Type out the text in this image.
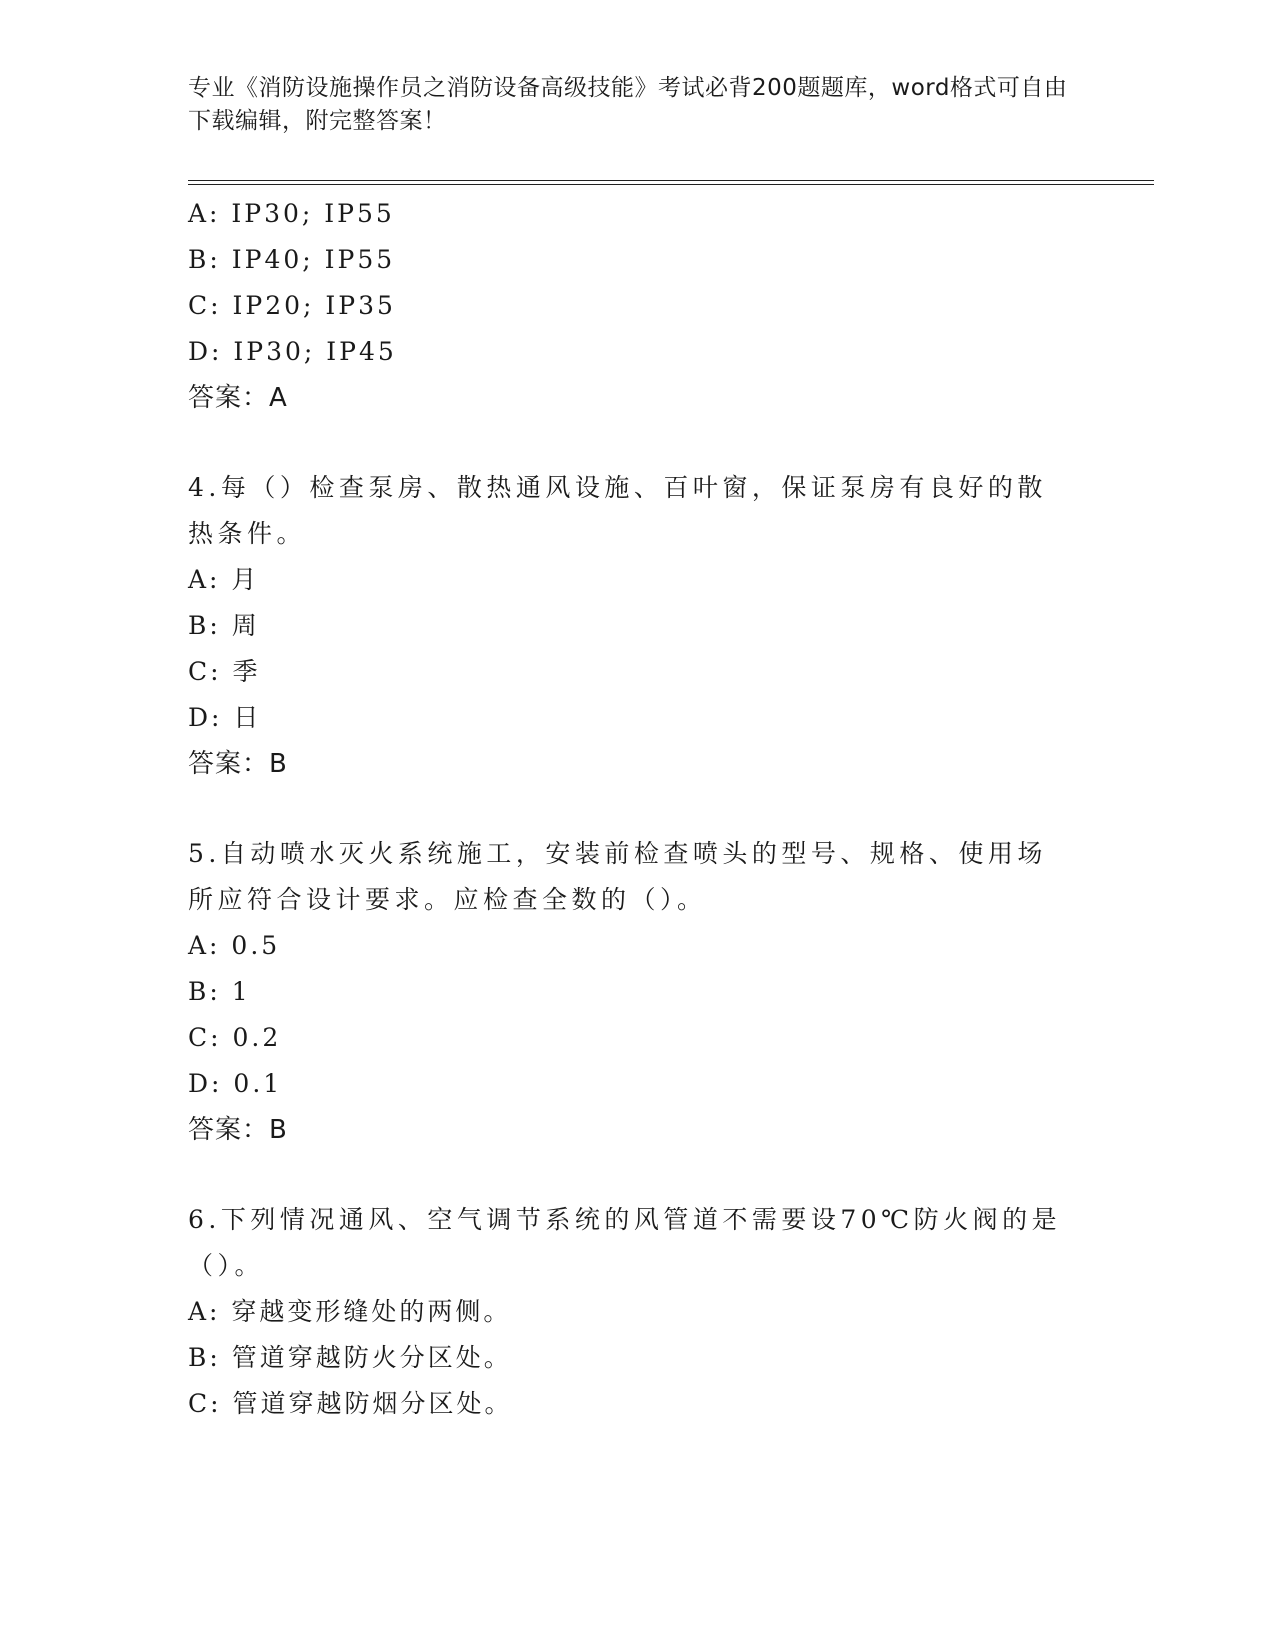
专业《消防设施操作员之消防设备高级技能》考试必背200题题库，word格式可自由下载编辑，附完整答案！
A: IP30; IP55
B: IP40; IP55
C: IP20; IP35
D: IP30; IP45
答案：A
4.每（）检查泵房、散热通风设施、百叶窗，保证泵房有良好的散热条件。
A: 月
B: 周
C: 季
D: 日
答案：B
5.自动喷水灭火系统施工，安装前检查喷头的型号、规格、使用场所应符合设计要求。应检查全数的（）。
A: 0.5
B: 1
C: 0.2
D: 0.1
答案：B
6.下列情况通风、空气调节系统的风管道不需要设70℃防火阀的是（）。
A: 穿越变形缝处的两侧。
B: 管道穿越防火分区处。
C: 管道穿越防烟分区处。
